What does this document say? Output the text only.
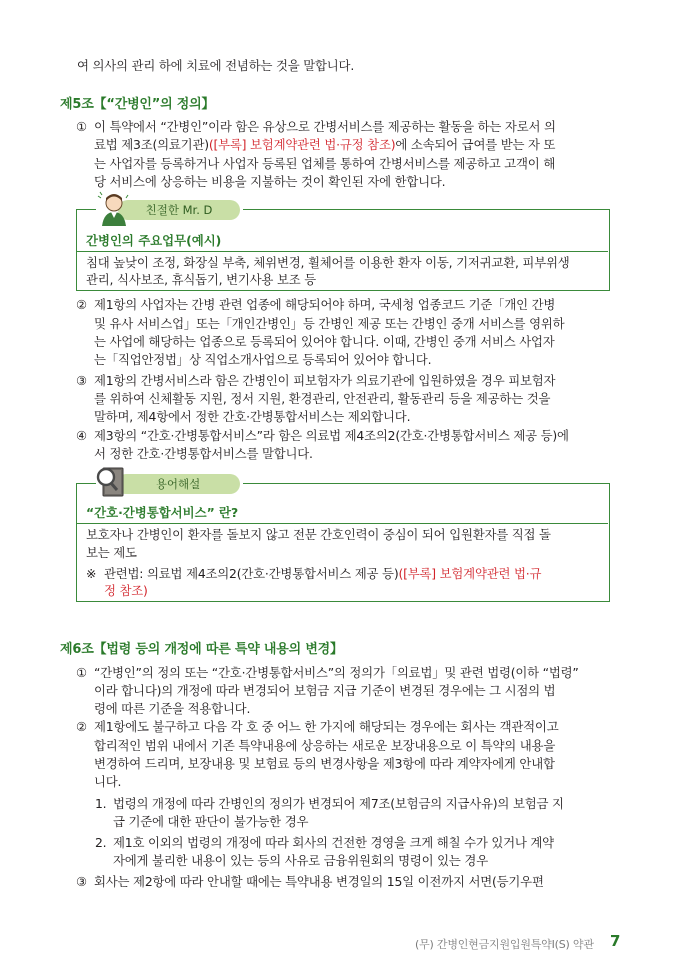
여 의사의 관리 하에 치료에 전념하는 것을 말합니다.
제5조【“간병인”의 정의】
① 이 특약에서 “간병인”이라 함은 유상으로 간병서비스를 제공하는 활동을 하는 자로서 의
료법 제3조(의료기관)([부록] 보험계약관련 법·규정 참조)에 소속되어 급여를 받는 자 또
는 사업자를 등록하거나 사업자 등록된 업체를 통하여 간병서비스를 제공하고 고객이 해
당 서비스에 상응하는 비용을 지불하는 것이 확인된 자에 한합니다.
친절한 Mr. D
간병인의 주요업무(예시)
침대 높낮이 조정, 화장실 부축, 체위변경, 휠체어를 이용한 환자 이동, 기저귀교환, 피부위생
관리, 식사보조, 휴식돕기, 변기사용 보조 등
② 제1항의 사업자는 간병 관련 업종에 해당되어야 하며, 국세청 업종코드 기준「개인 간병
및 유사 서비스업」또는「개인간병인」등 간병인 제공 또는 간병인 중개 서비스를 영위하
는 사업에 해당하는 업종으로 등록되어 있어야 합니다. 이때, 간병인 중개 서비스 사업자
는「직업안정법」상 직업소개사업으로 등록되어 있어야 합니다.
③ 제1항의 간병서비스라 함은 간병인이 피보험자가 의료기관에 입원하였을 경우 피보험자
를 위하여 신체활동 지원, 정서 지원, 환경관리, 안전관리, 활동관리 등을 제공하는 것을
말하며, 제4항에서 정한 간호·간병통합서비스는 제외합니다.
④ 제3항의 “간호·간병통합서비스”라 함은 의료법 제4조의2(간호·간병통합서비스 제공 등)에
서 정한 간호·간병통합서비스를 말합니다.
용어해설
“간호·간병통합서비스” 란?
보호자나 간병인이 환자를 돌보지 않고 전문 간호인력이 중심이 되어 입원환자를 직접 돌
보는 제도
※ 관련법: 의료법 제4조의2(간호·간병통합서비스 제공 등)([부록] 보험계약관련 법·규
정 참조)
제6조【법령 등의 개정에 따른 특약 내용의 변경】
① “간병인”의 정의 또는 “간호·간병통합서비스”의 정의가「의료법」및 관련 법령(이하 “법령”
이라 합니다)의 개정에 따라 변경되어 보험금 지급 기준이 변경된 경우에는 그 시점의 법
령에 따른 기준을 적용합니다.
② 제1항에도 불구하고 다음 각 호 중 어느 한 가지에 해당되는 경우에는 회사는 객관적이고
합리적인 범위 내에서 기존 특약내용에 상응하는 새로운 보장내용으로 이 특약의 내용을
변경하여 드리며, 보장내용 및 보험료 등의 변경사항을 제3항에 따라 계약자에게 안내합
니다.
1. 법령의 개정에 따라 간병인의 정의가 변경되어 제7조(보험금의 지급사유)의 보험금 지
급 기준에 대한 판단이 불가능한 경우
2. 제1호 이외의 법령의 개정에 따라 회사의 건전한 경영을 크게 해칠 수가 있거나 계약
자에게 불리한 내용이 있는 등의 사유로 금융위원회의 명령이 있는 경우
③ 회사는 제2항에 따라 안내할 때에는 특약내용 변경일의 15일 이전까지 서면(등기우편
(무) 간병인현금지원입원특약Ⅰ(S) 약관 7
